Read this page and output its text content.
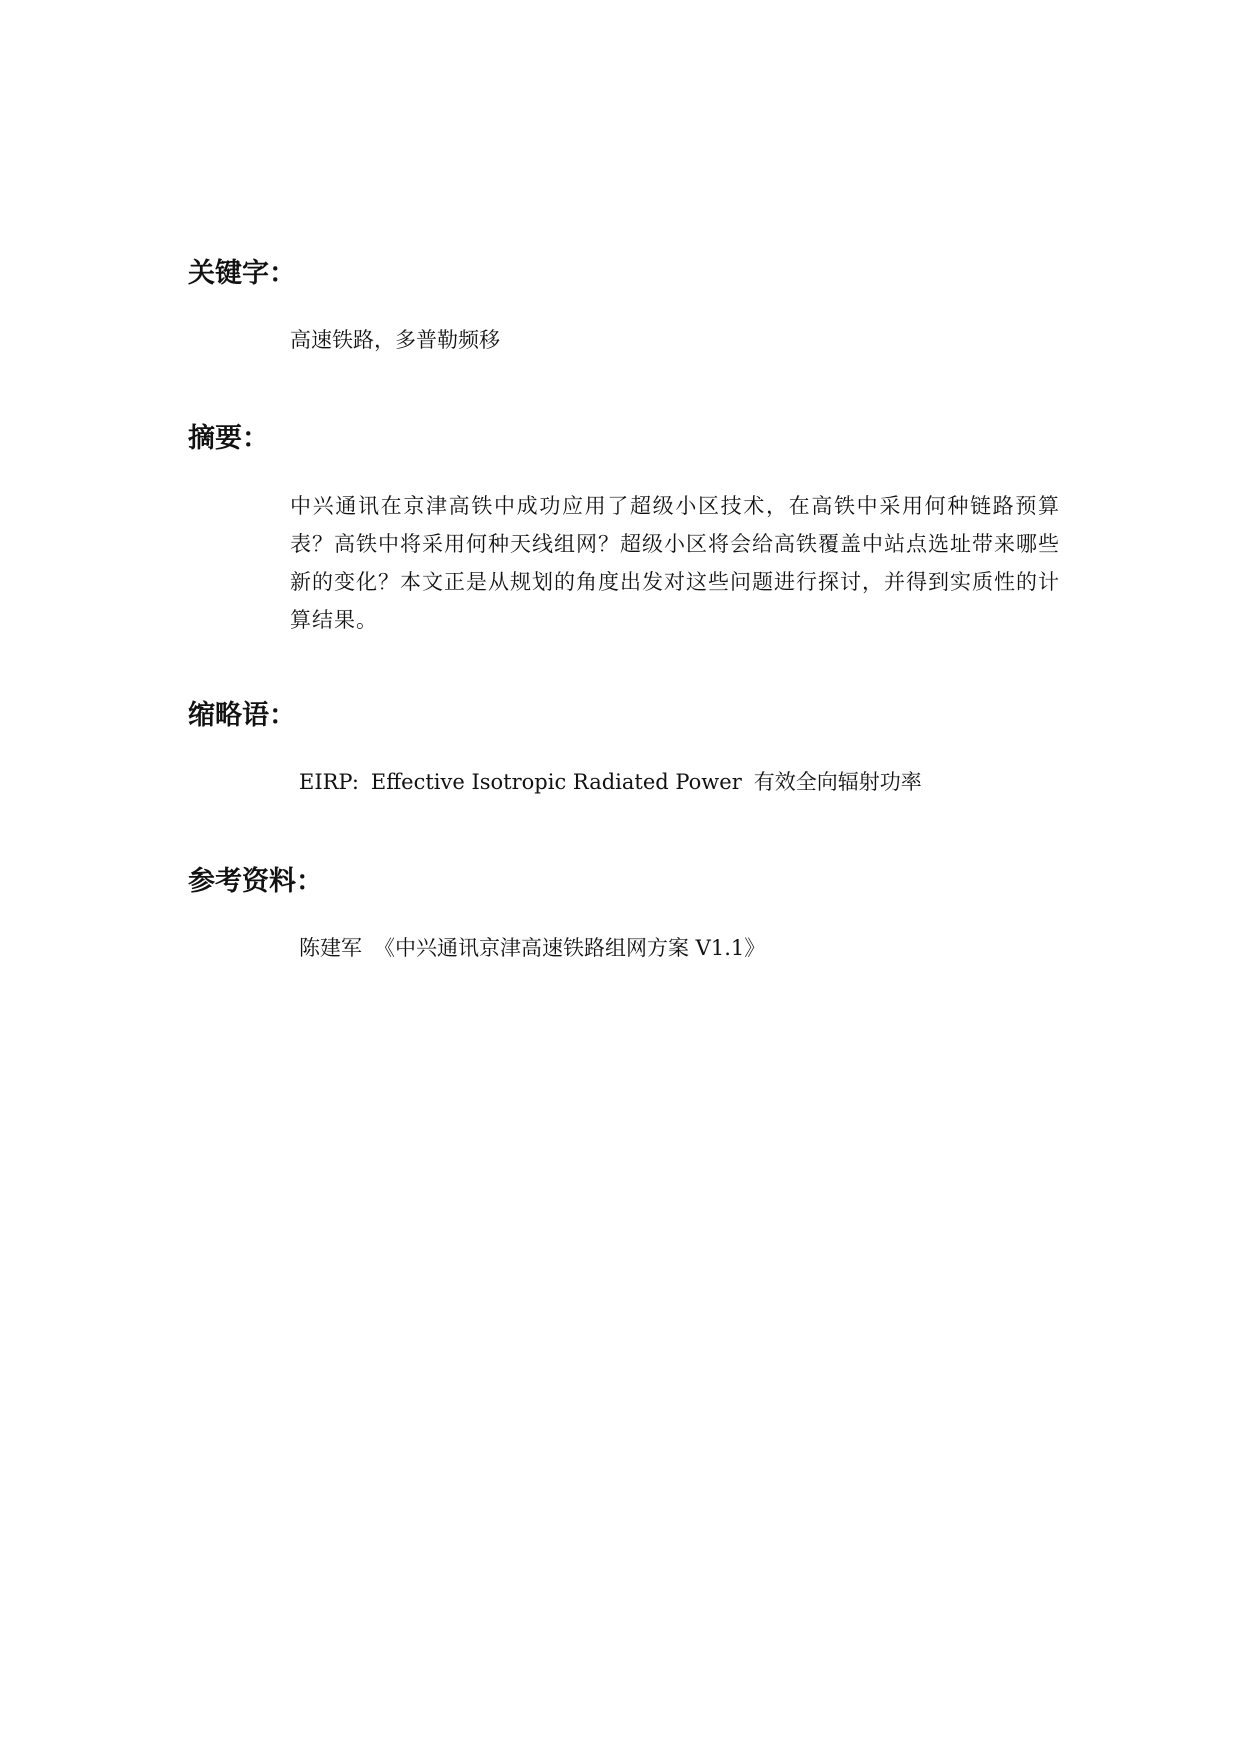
关键字：
高速铁路，多普勒频移
摘要：
中兴通讯在京津高铁中成功应用了超级小区技术，在高铁中采用何种链路预算表？高铁中将采用何种天线组网？超级小区将会给高铁覆盖中站点选址带来哪些新的变化？本文正是从规划的角度出发对这些问题进行探讨，并得到实质性的计算结果。
缩略语：
EIRP: Effective Isotropic Radiated Power 有效全向辐射功率
参考资料：
陈建军 《中兴通讯京津高速铁路组网方案 V1.1》
